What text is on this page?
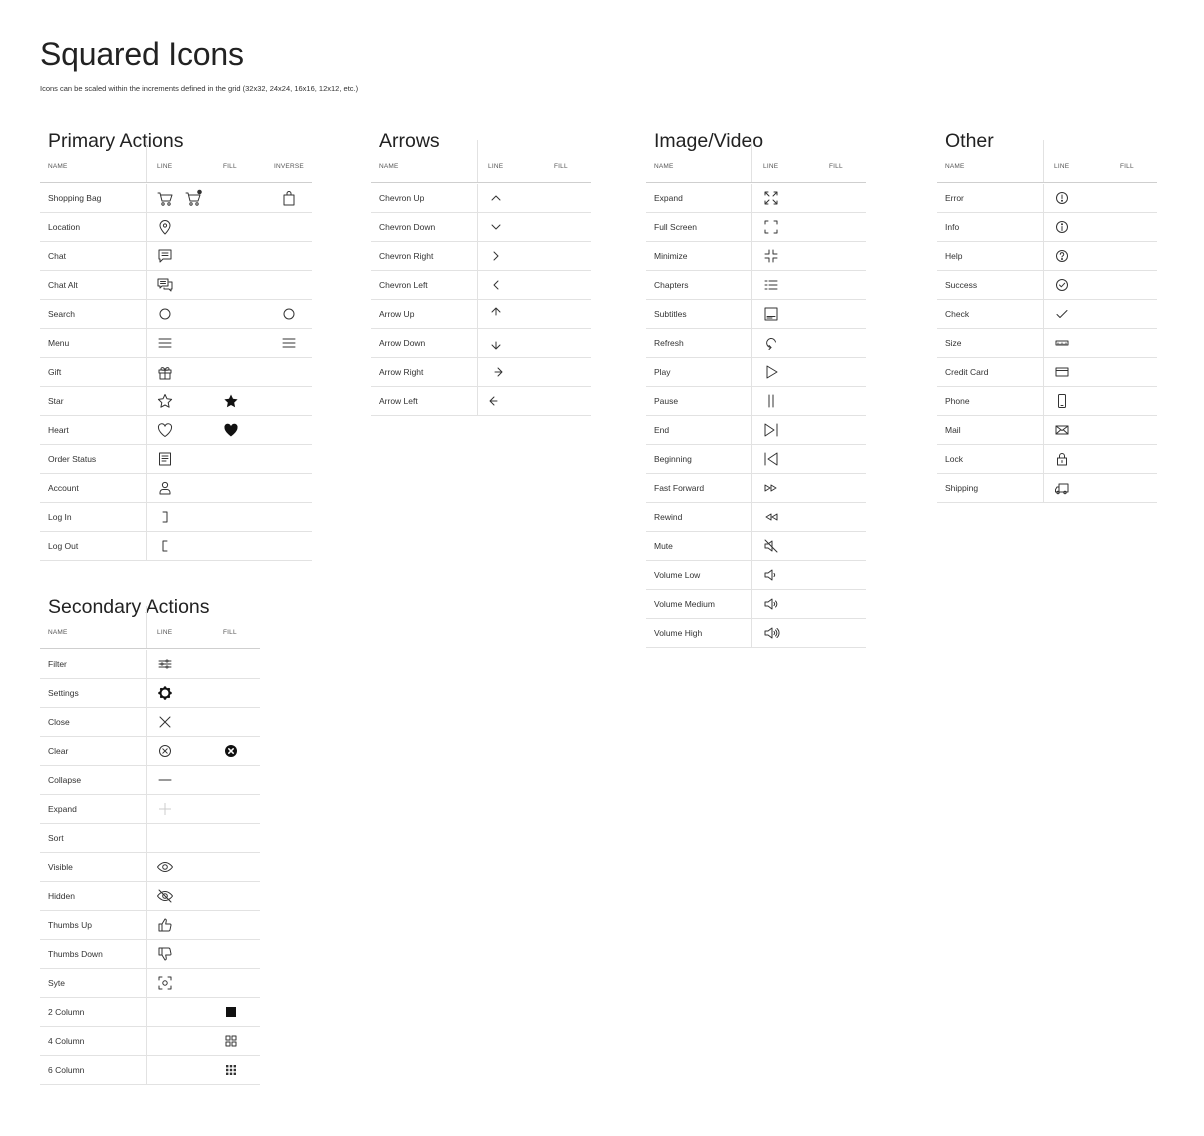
Squared Icons

Icons can be scaled within the increments defined in the grid (32x32, 24x24, 16x16, 12x12, etc.)

Primary Actions
NAME	LINE	FILL	INVERSE
Shopping Bag
Location
Chat
Chat Alt
Search
Menu
Gift
Star
Heart
Order Status
Account
Log In
Log Out
Secondary Actions
NAME	LINE	FILL
Filter
Settings
Close
Clear
Collapse
Expand
Sort
Visible
Hidden
Thumbs Up
Thumbs Down
Syte
2 Column
4 Column
6 Column
Arrows
NAME	LINE	FILL
Chevron Up
Chevron Down
Chevron Right
Chevron Left
Arrow Up
Arrow Down
Arrow Right
Arrow Left
Image/Video
NAME	LINE	FILL
Expand
Full Screen
Minimize
Chapters
Subtitles
Refresh
Play
Pause
End
Beginning
Fast Forward
Rewind
Mute
Volume Low
Volume Medium
Volume High
Other
NAME	LINE	FILL
Error
Info
Help
Success
Check
Size
Credit Card
Phone
Mail
Lock
Shipping
